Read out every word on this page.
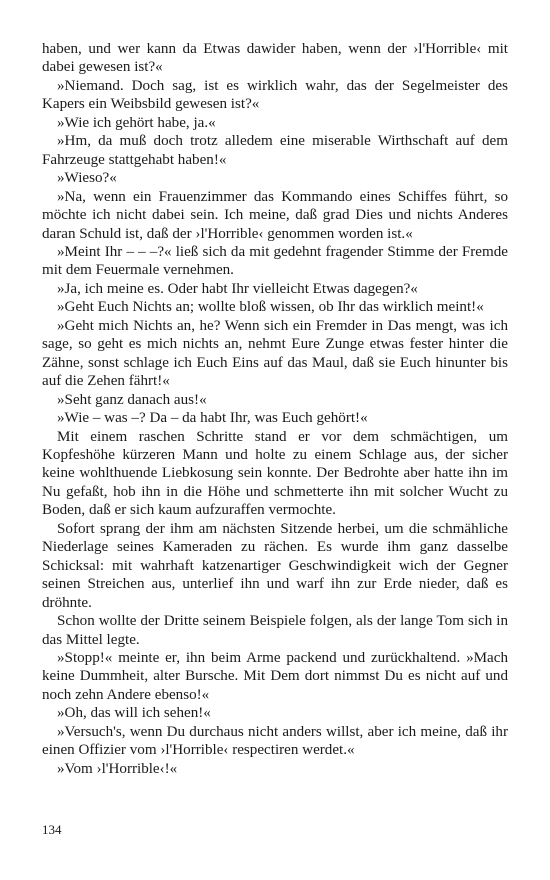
haben, und wer kann da Etwas dawider haben, wenn der ›l'Horrible‹ mit dabei gewesen ist?«

»Niemand. Doch sag, ist es wirklich wahr, das der Segelmeister des Kapers ein Weibsbild gewesen ist?«

»Wie ich gehört habe, ja.«

»Hm, da muß doch trotz alledem eine miserable Wirthschaft auf dem Fahrzeuge stattgehabt haben!«

»Wieso?«

»Na, wenn ein Frauenzimmer das Kommando eines Schiffes führt, so möchte ich nicht dabei sein. Ich meine, daß grad Dies und nichts Anderes daran Schuld ist, daß der ›l'Horrible‹ genommen worden ist.«

»Meint Ihr – – –?« ließ sich da mit gedehnt fragender Stimme der Fremde mit dem Feuermale vernehmen.

»Ja, ich meine es. Oder habt Ihr vielleicht Etwas dagegen?«

»Geht Euch Nichts an; wollte bloß wissen, ob Ihr das wirklich meint!«

»Geht mich Nichts an, he? Wenn sich ein Fremder in Das mengt, was ich sage, so geht es mich nichts an, nehmt Eure Zunge etwas fester hinter die Zähne, sonst schlage ich Euch Eins auf das Maul, daß sie Euch hinunter bis auf die Zehen fährt!«

»Seht ganz danach aus!«

»Wie – was –? Da – da habt Ihr, was Euch gehört!«

Mit einem raschen Schritte stand er vor dem schmächtigen, um Kopfeshöhe kürzeren Mann und holte zu einem Schlage aus, der sicher keine wohlthuende Liebkosung sein konnte. Der Bedrohte aber hatte ihn im Nu gefaßt, hob ihn in die Höhe und schmetterte ihn mit solcher Wucht zu Boden, daß er sich kaum aufzuraffen vermochte.

Sofort sprang der ihm am nächsten Sitzende herbei, um die schmähliche Niederlage seines Kameraden zu rächen. Es wurde ihm ganz dasselbe Schicksal: mit wahrhaft katzenartiger Geschwindigkeit wich der Gegner seinen Streichen aus, unterlief ihn und warf ihn zur Erde nieder, daß es dröhnte.

Schon wollte der Dritte seinem Beispiele folgen, als der lange Tom sich in das Mittel legte.

»Stopp!« meinte er, ihn beim Arme packend und zurückhaltend. »Mach keine Dummheit, alter Bursche. Mit Dem dort nimmst Du es nicht auf und noch zehn Andere ebenso!«

»Oh, das will ich sehen!«

»Versuch's, wenn Du durchaus nicht anders willst, aber ich meine, daß ihr einen Offizier vom ›l'Horrible‹ respectiren werdet.«

»Vom ›l'Horrible‹!«

134
